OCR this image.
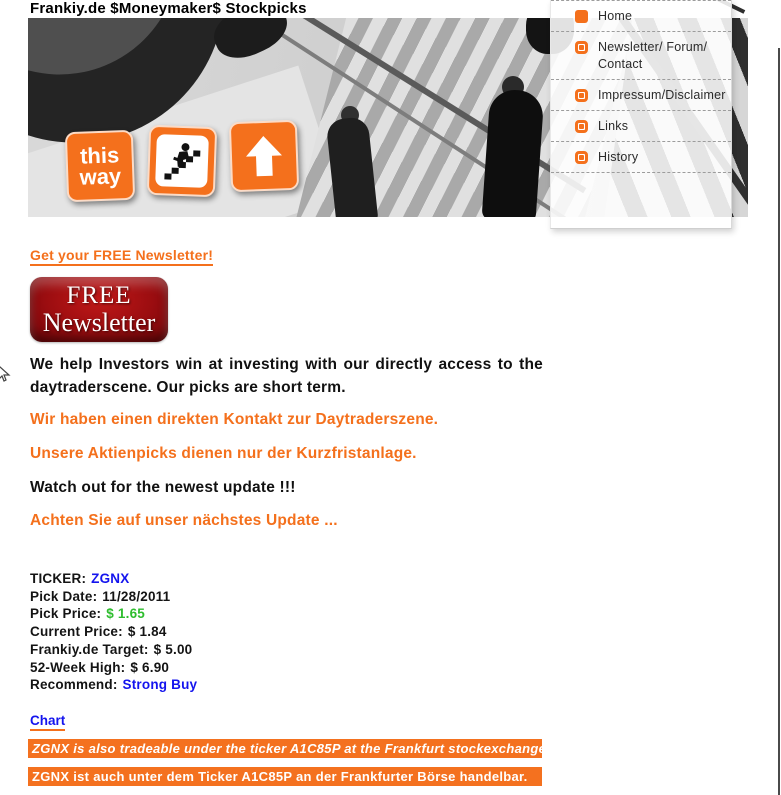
Frankiy.de $Moneymaker$ Stockpicks
this
way
Home
Newsletter/ Forum/ Contact
Impressum/Disclaimer
Links
History
Get your FREE Newsletter!
FREE
Newsletter
We help Investors win at investing with our directly access to the daytraderscene. Our picks are short term.
Wir haben einen direkten Kontakt zur Daytraderszene.
Unsere Aktienpicks dienen nur der Kurzfristanlage.
Watch out for the newest update !!!
Achten Sie auf unser nächstes Update ...
TICKER: ZGNX
Pick Date: 11/28/2011
Pick Price: $ 1.65
Current Price: $ 1.84
Frankiy.de Target: $ 5.00
52-Week High: $ 6.90
Recommend: Strong Buy
Chart
ZGNX is also tradeable under the ticker A1C85P at the Frankfurt stockexchange.
ZGNX ist auch unter dem Ticker A1C85P an der Frankfurter Börse handelbar.
